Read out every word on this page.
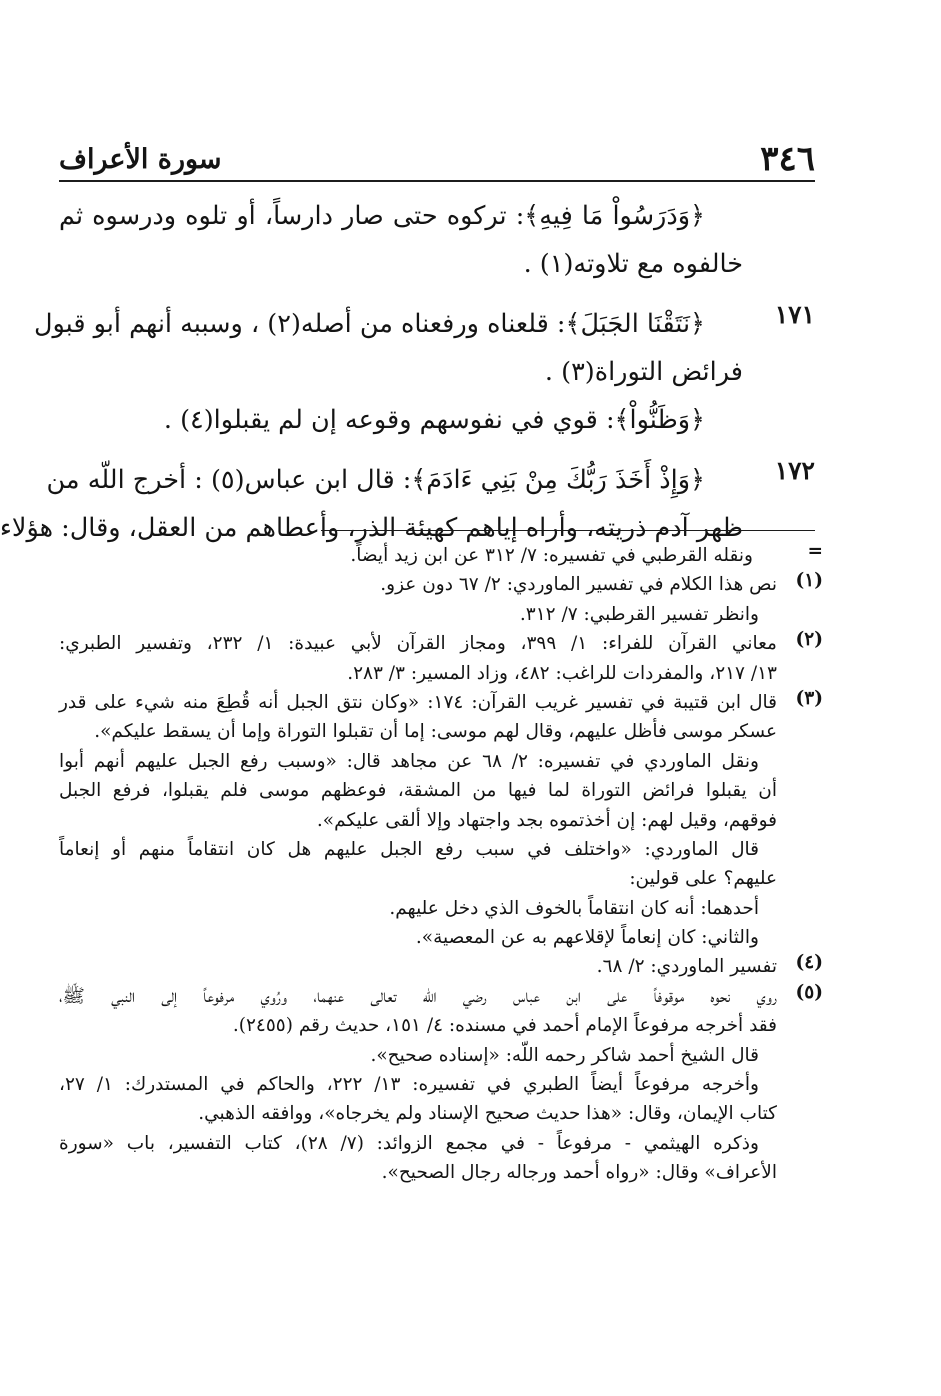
٣٤٦
سورة الأعراف
﴿وَدَرَسُواْ مَا فِيهِ﴾: تركوه حتى صار دارساً، أو تلوه ودرسوه ثم
خالفوه مع تلاوته(١) .
١٧١
﴿نَتَقْنَا الجَبَلَ﴾: قلعناه ورفعناه من أصله(٢) ، وسببه أنهم أبو قبول
فرائض التوراة(٣) .
﴿وَظَنُّواْ﴾: قوي في نفوسهم وقوعه إن لم يقبلوا(٤) .
١٧٢
﴿وَإِذْ أَخَذَ رَبُّكَ مِنْ بَنِي ءَادَمَ﴾: قال ابن عباس(٥) : أخرج اللّه من
ظهر آدم ذريته، وأراه إياهم كهيئة الذر، وأعطاهم من العقل، وقال: هؤلاء
=
ونقله القرطبي في تفسيره: ٧/ ٣١٢ عن ابن زيد أيضاً.
(١)
نص هذا الكلام في تفسير الماوردي: ٢/ ٦٧ دون عزو.
وانظر تفسير القرطبي: ٧/ ٣١٢.
(٢)
معاني القرآن للفراء: ١/ ٣٩٩، ومجاز القرآن لأبي عبيدة: ١/ ٢٣٢، وتفسير الطبري:
١٣/ ٢١٧، والمفردات للراغب: ٤٨٢، وزاد المسير: ٣/ ٢٨٣.
(٣)
قال ابن قتيبة في تفسير غريب القرآن: ١٧٤: «وكان نتق الجبل أنه قُطِعَ منه شيء على قدر
عسكر موسى فأظل عليهم، وقال لهم موسى: إما أن تقبلوا التوراة وإما أن يسقط عليكم».
ونقل الماوردي في تفسيره: ٢/ ٦٨ عن مجاهد قال: «وسبب رفع الجبل عليهم أنهم أبوا
أن يقبلوا فرائض التوراة لما فيها من المشقة، فوعظهم موسى فلم يقبلوا، فرفع الجبل
فوقهم، وقيل لهم: إن أخذتموه بجد واجتهاد وإلا ألقى عليكم».
قال الماوردي: «واختلف في سبب رفع الجبل عليهم هل كان انتقاماً منهم أو إنعاماً
عليهم؟ على قولين:
أحدهما: أنه كان انتقاماً بالخوف الذي دخل عليهم.
والثاني: كان إنعاماً لإقلاعهم به عن المعصية».
(٤)
تفسير الماوردي: ٢/ ٦٨.
(٥)
روي نحوه موقوفاً على ابن عباس رضي اللّه تعالى عنهما، ورُوي مرفوعاً إلى النبي ﷺ،
فقد أخرجه مرفوعاً الإمام أحمد في مسنده: ٤/ ١٥١، حديث رقم (٢٤٥٥).
قال الشيخ أحمد شاكر رحمه اللّه: «إسناده صحيح».
وأخرجه مرفوعاً أيضاً الطبري في تفسيره: ١٣/ ٢٢٢، والحاكم في المستدرك: ١/ ٢٧،
كتاب الإيمان، وقال: «هذا حديث صحيح الإسناد ولم يخرجاه»، ووافقه الذهبي.
وذكره الهيثمي - مرفوعاً - في مجمع الزوائد: (٧/ ٢٨)، كتاب التفسير، باب «سورة
الأعراف» وقال: «رواه أحمد ورجاله رجال الصحيح».
